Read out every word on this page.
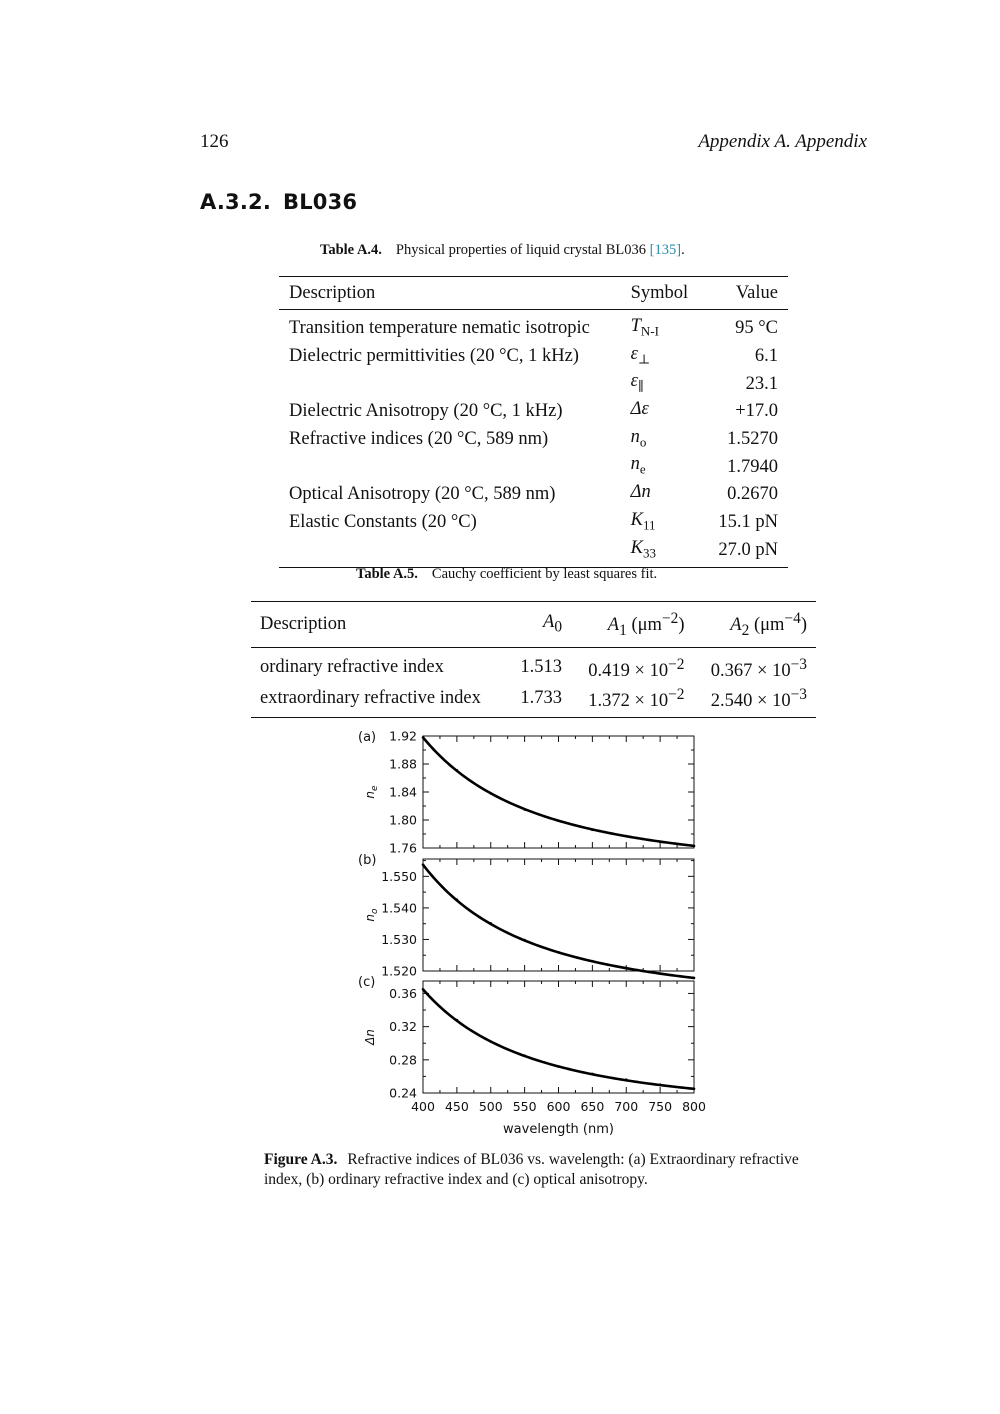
126	Appendix A. Appendix
A.3.2. BL036
Table A.4. Physical properties of liquid crystal BL036 [135].
Description	Symbol	Value
Transition temperature nematic isotropic	$T_{N-I}$	95 °C
Dielectric permittivities (20 °C, 1 kHz)	$\varepsilon_\perp$	6.1
	$\varepsilon_\parallel$	23.1
Dielectric Anisotropy (20 °C, 1 kHz)	Δε	+17.0
Refractive indices (20 °C, 589 nm)	$n_o$	1.5270
	$n_e$	1.7940
Optical Anisotropy (20 °C, 589 nm)	Δn	0.2670
Elastic Constants (20 °C)	$K_{11}$	15.1 pN
	$K_{33}$	27.0 pN
Table A.5. Cauchy coefficient by least squares fit.
Description	$A_0$	$A_1$ $(\mu m^{-2})$	$A_2$ $(\mu m^{-4})$
ordinary refractive index	1.513	$0.419 \times 10^{-2}$	$0.367 \times 10^{-3}$
extraordinary refractive index	1.733	$1.372 \times 10^{-2}$	$2.540 \times 10^{-3}$
1.92
1.88
1.84
1.80
1.76
(a)
$n_e$
1.550
1.540
1.530
1.520
(b)
$n_o$
0.36
0.32
0.28
0.24
(c)
Δn
400 450 500 550 600 650 700 750 800
wavelength (nm)
Figure A.3. Refractive indices of BL036 vs. wavelength: (a) Extraordinary refractive index, (b) ordinary refractive index and (c) optical anisotropy.
